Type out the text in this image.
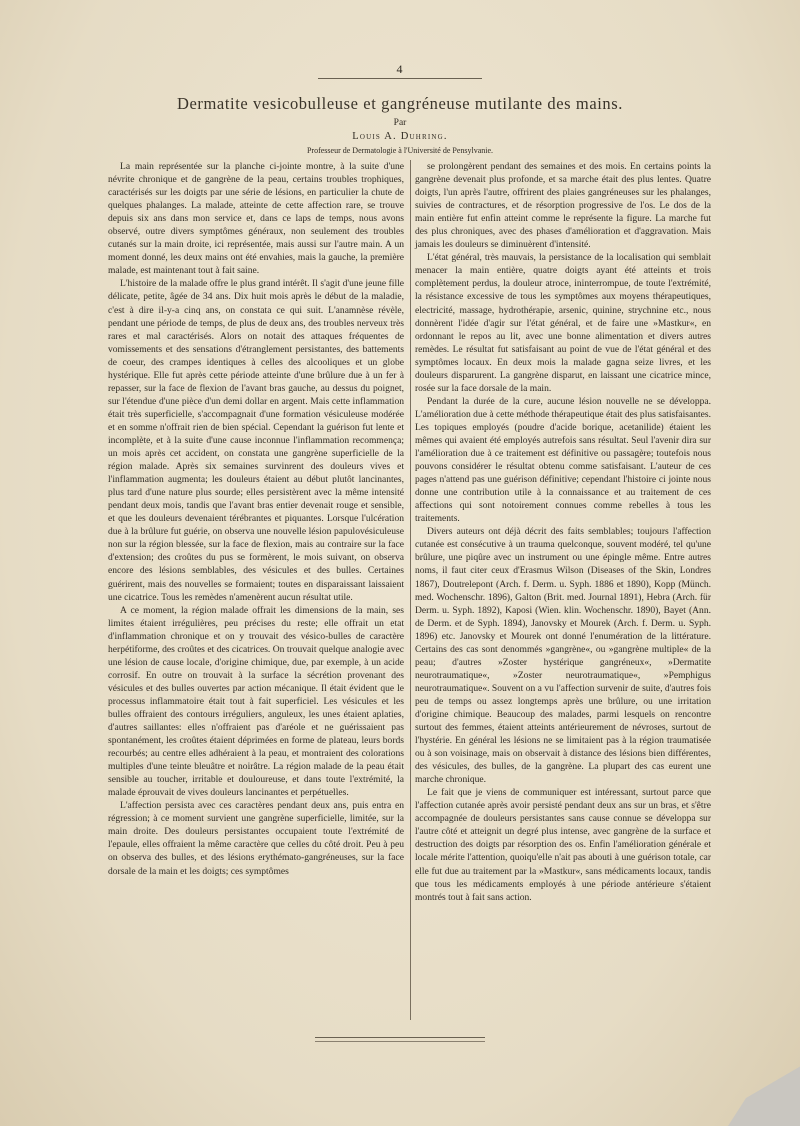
4
Dermatite vesicobulleuse et gangréneuse mutilante des mains.
Par
Louis A. Duhring.
Professeur de Dermatologie à l'Université de Pensylvanie.

La main représentée sur la planche ci-jointe montre, à la suite d'une névrite chronique et de gangrène de la peau, certains troubles trophiques, caractérisés sur les doigts par une série de lésions, en particulier la chute de quelques phalanges. La malade, atteinte de cette affection rare, se trouve depuis six ans dans mon service et, dans ce laps de temps, nous avons observé, outre divers symptômes généraux, non seulement des troubles cutanés sur la main droite, ici représentée, mais aussi sur l'autre main. A un moment donné, les deux mains ont été envahies, mais la gauche, la première malade, est maintenant tout à fait saine.

L'histoire de la malade offre le plus grand intérêt. Il s'agit d'une jeune fille délicate, petite, âgée de 34 ans. Dix huit mois après le début de la maladie, c'est à dire il-y-a cinq ans, on constata ce qui suit. L'anamnèse révèle, pendant une période de temps, de plus de deux ans, des troubles nerveux très rares et mal caractérisés. Alors on notait des attaques fréquentes de vomissements et des sensations d'étranglement persistantes, des battements de coeur, des crampes identiques à celles des alcooliques et un globe hystérique. Elle fut après cette période atteinte d'une brûlure due à un fer à repasser, sur la face de flexion de l'avant bras gauche, au dessus du poignet, sur l'étendue d'une pièce d'un demi dollar en argent. Mais cette inflammation était très superficielle, s'accompagnait d'une formation vésiculeuse modérée et en somme n'offrait rien de bien spécial. Cependant la guérison fut lente et incomplète, et à la suite d'une cause inconnue l'inflammation recommença; un mois après cet accident, on constata une gangrène superficielle de la région malade. Après six semaines survinrent des douleurs vives et l'inflammation augmenta; les douleurs étaient au début plutôt lancinantes, plus tard d'une nature plus sourde; elles persistèrent avec la même intensité pendant deux mois, tandis que l'avant bras entier devenait rouge et sensible, et que les douleurs devenaient térébrantes et piquantes. Lorsque l'ulcération due à la brûlure fut guérie, on observa une nouvelle lésion papulovésiculeuse non sur la région blessée, sur la face de flexion, mais au contraire sur la face d'extension; des croûtes du pus se formèrent, le mois suivant, on observa encore des lésions semblables, des vésicules et des bulles. Certaines guérirent, mais des nouvelles se formaient; toutes en disparaissant laissaient une cicatrice. Tous les remèdes n'amenèrent aucun résultat utile.

A ce moment, la région malade offrait les dimensions de la main, ses limites étaient irrégulières, peu précises du reste; elle offrait un etat d'inflammation chronique et on y trouvait des vésico-bulles de caractère herpétiforme, des croûtes et des cicatrices. On trouvait quelque analogie avec une lésion de cause locale, d'origine chimique, due, par exemple, à un acide corrosif. En outre on trouvait à la surface la sécrétion provenant des vésicules et des bulles ouvertes par action mécanique. Il était évident que le processus inflammatoire était tout à fait superficiel. Les vésicules et les bulles offraient des contours irréguliers, anguleux, les unes étaient aplaties, d'autres saillantes: elles n'offraient pas d'aréole et ne guérissaient pas spontanément, les croûtes étaient déprimées en forme de plateau, leurs bords recourbés; au centre elles adhéraient à la peau, et montraient des colorations multiples d'une teinte bleuâtre et noirâtre. La région malade de la peau était sensible au toucher, irritable et douloureuse, et dans toute l'extrémité, la malade éprouvait de vives douleurs lancinantes et perpétuelles.

L'affection persista avec ces caractères pendant deux ans, puis entra en régression; à ce moment survient une gangrène superficielle, limitée, sur la main droite. Des douleurs persistantes occupaient toute l'extrémité de l'epaule, elles offraient la même caractère que celles du côté droit. Peu à peu on observa des bulles, et des lésions erythémato-gangréneuses, sur la face dorsale de la main et les doigts; ces symptômes

se prolongèrent pendant des semaines et des mois. En certains points la gangrène devenait plus profonde, et sa marche était des plus lentes. Quatre doigts, l'un après l'autre, offrirent des plaies gangréneuses sur les phalanges, suivies de contractures, et de résorption progressive de l'os. Le dos de la main entière fut enfin atteint comme le représente la figure. La marche fut des plus chroniques, avec des phases d'amélioration et d'aggravation. Mais jamais les douleurs se diminuèrent d'intensité.

L'état général, très mauvais, la persistance de la localisation qui semblait menacer la main entière, quatre doigts ayant été atteints et trois complètement perdus, la douleur atroce, ininterrompue, de toute l'extrémité, la résistance excessive de tous les symptômes aux moyens thérapeutiques, electricité, massage, hydrothérapie, arsenic, quinine, strychnine etc., nous donnèrent l'idée d'agir sur l'état général, et de faire une »Mastkur«, en ordonnant le repos au lit, avec une bonne alimentation et divers autres remèdes. Le résultat fut satisfaisant au point de vue de l'état général et des symptômes locaux. En deux mois la malade gagna seize livres, et les douleurs disparurent. La gangrène disparut, en laissant une cicatrice mince, rosée sur la face dorsale de la main.

Pendant la durée de la cure, aucune lésion nouvelle ne se développa. L'amélioration due à cette méthode thérapeutique était des plus satisfaisantes. Les topiques employés (poudre d'acide borique, acetanilide) étaient les mêmes qui avaient été employés autrefois sans résultat. Seul l'avenir dira sur l'amélioration due à ce traitement est définitive ou passagère; toutefois nous pouvons considérer le résultat obtenu comme satisfaisant. L'auteur de ces pages n'attend pas une guérison définitive; cependant l'histoire ci jointe nous donne une contribution utile à la connaissance et au traitement de ces affections qui sont notoirement connues comme rebelles à tous les traitements.

Divers auteurs ont déjà décrit des faits semblables; toujours l'affection cutanée est consécutive à un trauma quelconque, souvent modéré, tel qu'une brûlure, une piqûre avec un instrument ou une épingle même. Entre autres noms, il faut citer ceux d'Erasmus Wilson (Diseases of the Skin, Londres 1867), Doutrelepont (Arch. f. Derm. u. Syph. 1886 et 1890), Kopp (Münch. med. Wochenschr. 1896), Galton (Brit. med. Journal 1891), Hebra (Arch. für Derm. u. Syph. 1892), Kaposi (Wien. klin. Wochenschr. 1890), Bayet (Ann. de Derm. et de Syph. 1894), Janovsky et Mourek (Arch. f. Derm. u. Syph. 1896) etc. Janovsky et Mourek ont donné l'enumération de la littérature. Certains des cas sont denommés »gangrène«, ou »gangrène multiple« de la peau; d'autres »Zoster hystérique gangréneux«, »Dermatite neurotraumatique«, »Zoster neurotraumatique«, »Pemphigus neurotraumatique«. Souvent on a vu l'affection survenir de suite, d'autres fois peu de temps ou assez longtemps après une brûlure, ou une irritation d'origine chimique. Beaucoup des malades, parmi lesquels on rencontre surtout des femmes, étaient atteints antérieurement de névroses, surtout de l'hystérie. En général les lésions ne se limitaient pas à la région traumatisée ou à son voisinage, mais on observait à distance des lésions bien différentes, des vésicules, des bulles, de la gangrène. La plupart des cas eurent une marche chronique.

Le fait que je viens de communiquer est intéressant, surtout parce que l'affection cutanée après avoir persisté pendant deux ans sur un bras, et s'être accompagnée de douleurs persistantes sans cause connue se développa sur l'autre côté et atteignit un degré plus intense, avec gangrène de la surface et destruction des doigts par résorption des os. Enfin l'amélioration générale et locale mérite l'attention, quoiqu'elle n'ait pas abouti à une guérison totale, car elle fut due au traitement par la »Mastkur«, sans médicaments locaux, tandis que tous les médicaments employés à une période antérieure s'étaient montrés tout à fait sans action.
